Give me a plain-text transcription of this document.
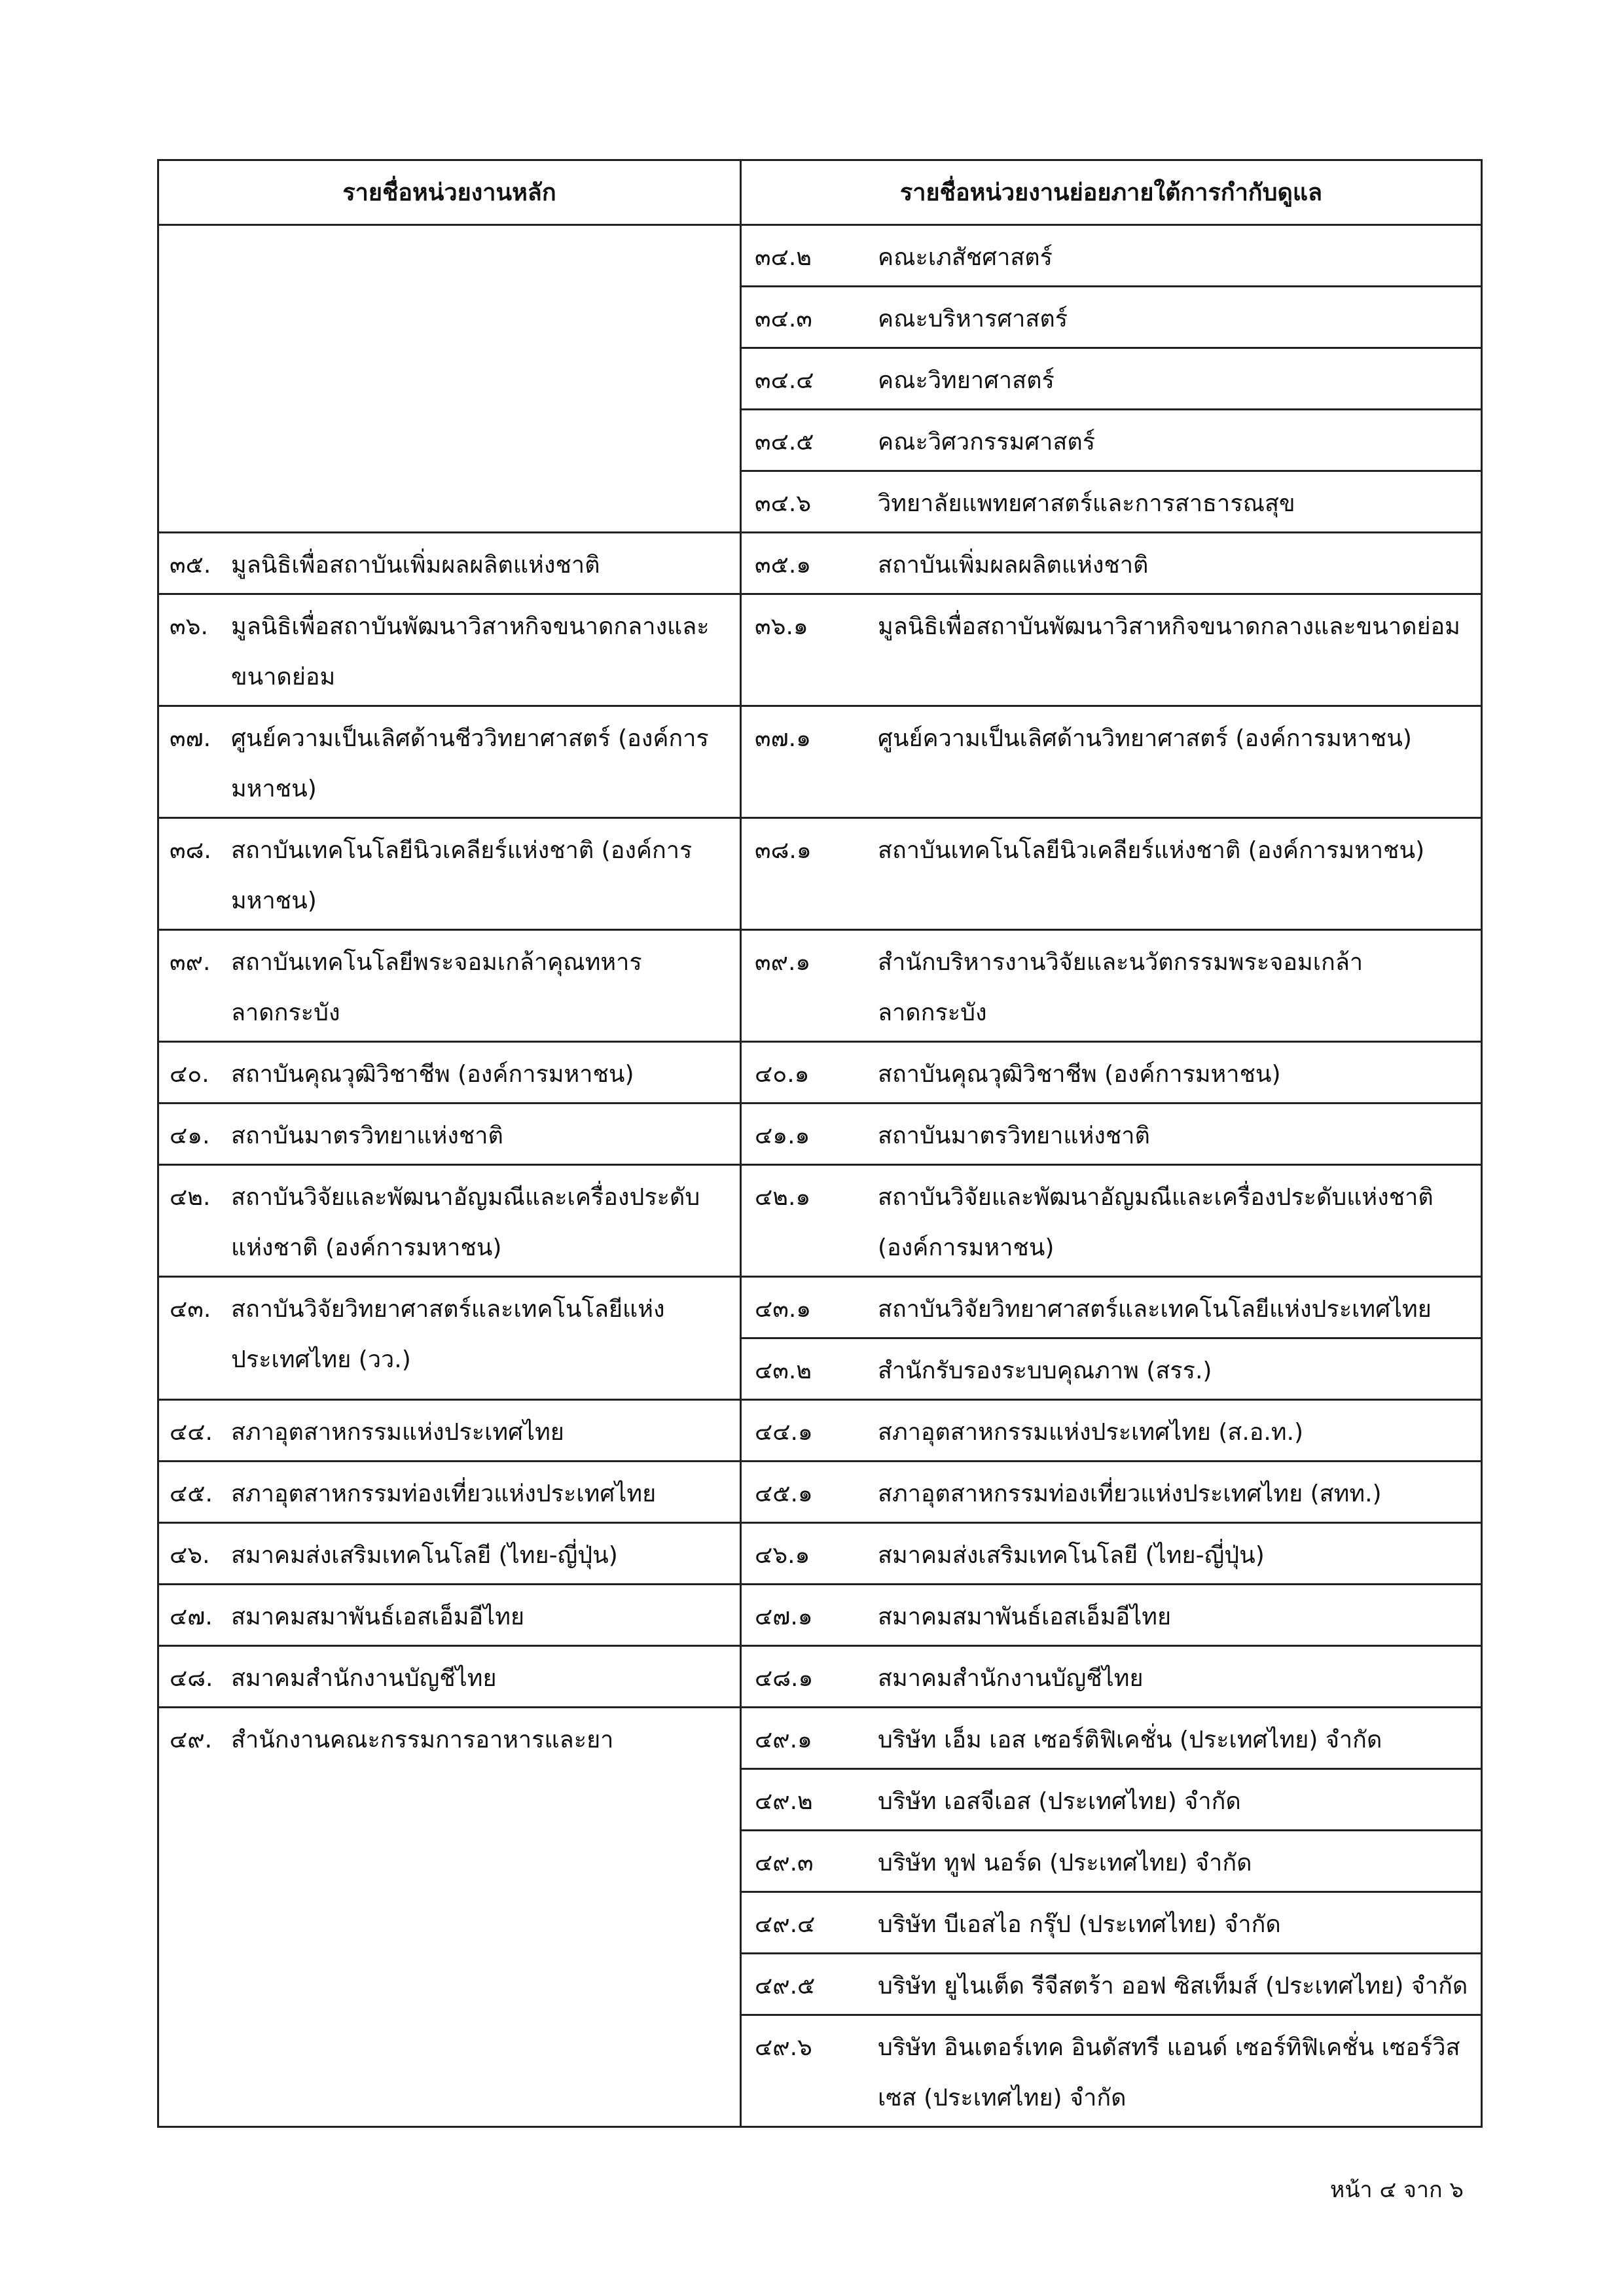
รายชื่อหน่วยงานหลัก	รายชื่อหน่วยงานย่อยภายใต้การกำกับดูแล

	๓๔.๒ คณะเภสัชศาสตร์

	๓๔.๓ คณะบริหารศาสตร์

	๓๔.๔ คณะวิทยาศาสตร์

	๓๔.๕ คณะวิศวกรรมศาสตร์

	๓๔.๖ วิทยาลัยแพทยศาสตร์และการสาธารณสุข

๓๕. มูลนิธิเพื่อสถาบันเพิ่มผลผลิตแห่งชาติ	๓๕.๑ สถาบันเพิ่มผลผลิตแห่งชาติ

๓๖. มูลนิธิเพื่อสถาบันพัฒนาวิสาหกิจขนาดกลางและขนาดย่อม	๓๖.๑ มูลนิธิเพื่อสถาบันพัฒนาวิสาหกิจขนาดกลางและขนาดย่อม

๓๗. ศูนย์ความเป็นเลิศด้านชีววิทยาศาสตร์ (องค์การมหาชน)	๓๗.๑ ศูนย์ความเป็นเลิศด้านวิทยาศาสตร์ (องค์การมหาชน)

๓๘. สถาบันเทคโนโลยีนิวเคลียร์แห่งชาติ (องค์การมหาชน)	๓๘.๑ สถาบันเทคโนโลยีนิวเคลียร์แห่งชาติ (องค์การมหาชน)

๓๙. สถาบันเทคโนโลยีพระจอมเกล้าคุณทหารลาดกระบัง	๓๙.๑ สำนักบริหารงานวิจัยและนวัตกรรมพระจอมเกล้าลาดกระบัง

๔๐. สถาบันคุณวุฒิวิชาชีพ (องค์การมหาชน)	๔๐.๑ สถาบันคุณวุฒิวิชาชีพ (องค์การมหาชน)

๔๑. สถาบันมาตรวิทยาแห่งชาติ	๔๑.๑ สถาบันมาตรวิทยาแห่งชาติ

๔๒. สถาบันวิจัยและพัฒนาอัญมณีและเครื่องประดับแห่งชาติ (องค์การมหาชน)	๔๒.๑ สถาบันวิจัยและพัฒนาอัญมณีและเครื่องประดับแห่งชาติ (องค์การมหาชน)

๔๓. สถาบันวิจัยวิทยาศาสตร์และเทคโนโลยีแห่งประเทศไทย (วว.)	๔๓.๑ สถาบันวิจัยวิทยาศาสตร์และเทคโนโลยีแห่งประเทศไทย

	๔๓.๒ สำนักรับรองระบบคุณภาพ (สรร.)

๔๔. สภาอุตสาหกรรมแห่งประเทศไทย	๔๔.๑ สภาอุตสาหกรรมแห่งประเทศไทย (ส.อ.ท.)

๔๕. สภาอุตสาหกรรมท่องเที่ยวแห่งประเทศไทย	๔๕.๑ สภาอุตสาหกรรมท่องเที่ยวแห่งประเทศไทย (สทท.)

๔๖. สมาคมส่งเสริมเทคโนโลยี (ไทย-ญี่ปุ่น)	๔๖.๑ สมาคมส่งเสริมเทคโนโลยี (ไทย-ญี่ปุ่น)

๔๗. สมาคมสมาพันธ์เอสเอ็มอีไทย	๔๗.๑ สมาคมสมาพันธ์เอสเอ็มอีไทย

๔๘. สมาคมสำนักงานบัญชีไทย	๔๘.๑ สมาคมสำนักงานบัญชีไทย

๔๙. สำนักงานคณะกรรมการอาหารและยา	๔๙.๑ บริษัท เอ็ม เอส เซอร์ติฟิเคชั่น (ประเทศไทย) จำกัด

	๔๙.๒ บริษัท เอสจีเอส (ประเทศไทย) จำกัด

	๔๙.๓ บริษัท ทูฟ นอร์ด (ประเทศไทย) จำกัด

	๔๙.๔ บริษัท บีเอสไอ กรุ๊ป (ประเทศไทย) จำกัด

	๔๙.๕ บริษัท ยูไนเต็ด รีจีสตร้า ออฟ ซิสเท็มส์ (ประเทศไทย) จำกัด

	๔๙.๖ บริษัท อินเตอร์เทค อินดัสทรี แอนด์ เซอร์ทิฟิเคชั่น เซอร์วิสเซส (ประเทศไทย) จำกัด
หน้า ๔ จาก ๖
